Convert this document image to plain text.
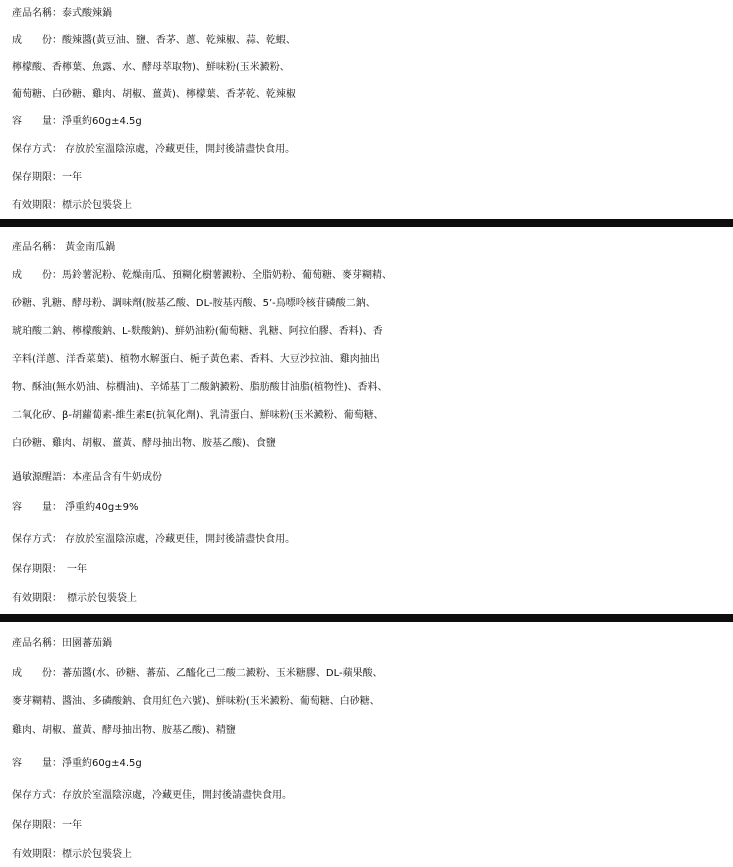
產品名稱：泰式酸辣鍋
成　　份：酸辣醬(黃豆油、鹽、香茅、蔥、乾辣椒、蒜、乾蝦、
檸檬酸、香檸葉、魚露、水、酵母萃取物)、鮮味粉(玉米澱粉、
葡萄糖、白砂糖、雞肉、胡椒、薑黃)、檸檬葉、香茅乾、乾辣椒
容　　量：淨重約60g±4.5g
保存方式： 存放於室溫陰涼處，冷藏更佳，開封後請盡快食用。
保存期限：一年
有效期限：標示於包裝袋上
產品名稱： 黃金南瓜鍋
成　　份：馬鈴薯泥粉、乾燥南瓜、預糊化樹薯澱粉、全脂奶粉、葡萄糖、麥芽糊精、
砂糖、乳糖、酵母粉、調味劑(胺基乙酸、DL-胺基丙酸、5’-鳥嘌呤核苷磷酸二鈉、
琥珀酸二鈉、檸檬酸鈉、L-麩酸鈉)、鮮奶油粉(葡萄糖、乳糖、阿拉伯膠、香料)、香
辛料(洋蔥、洋香菜葉)、植物水解蛋白、梔子黃色素、香料、大豆沙拉油、雞肉抽出
物、酥油(無水奶油、棕櫚油)、辛烯基丁二酸鈉澱粉、脂肪酸甘油脂(植物性)、香料、
二氧化矽、β-胡蘿蔔素-維生素E(抗氧化劑)、乳清蛋白、鮮味粉(玉米澱粉、葡萄糖、
白砂糖、雞肉、胡椒、薑黃、酵母抽出物、胺基乙酸)、食鹽
過敏源醒語：本產品含有牛奶成份
容　　量： 淨重約40g±9%
保存方式： 存放於室溫陰涼處，冷藏更佳，開封後請盡快食用。
保存期限：　一年
有效期限：　標示於包裝袋上
產品名稱：田園蕃茄鍋
成　　份：蕃茄醬(水、砂糖、蕃茄、乙醯化己二酸二澱粉、玉米糖膠、DL-蘋果酸、
麥芽糊精、醬油、多磷酸鈉、食用紅色六號)、鮮味粉(玉米澱粉、葡萄糖、白砂糖、
雞肉、胡椒、薑黃、酵母抽出物、胺基乙酸)、精鹽
容　　量：淨重約60g±4.5g
保存方式：存放於室溫陰涼處，冷藏更佳，開封後請盡快食用。
保存期限：一年
有效期限：標示於包裝袋上
